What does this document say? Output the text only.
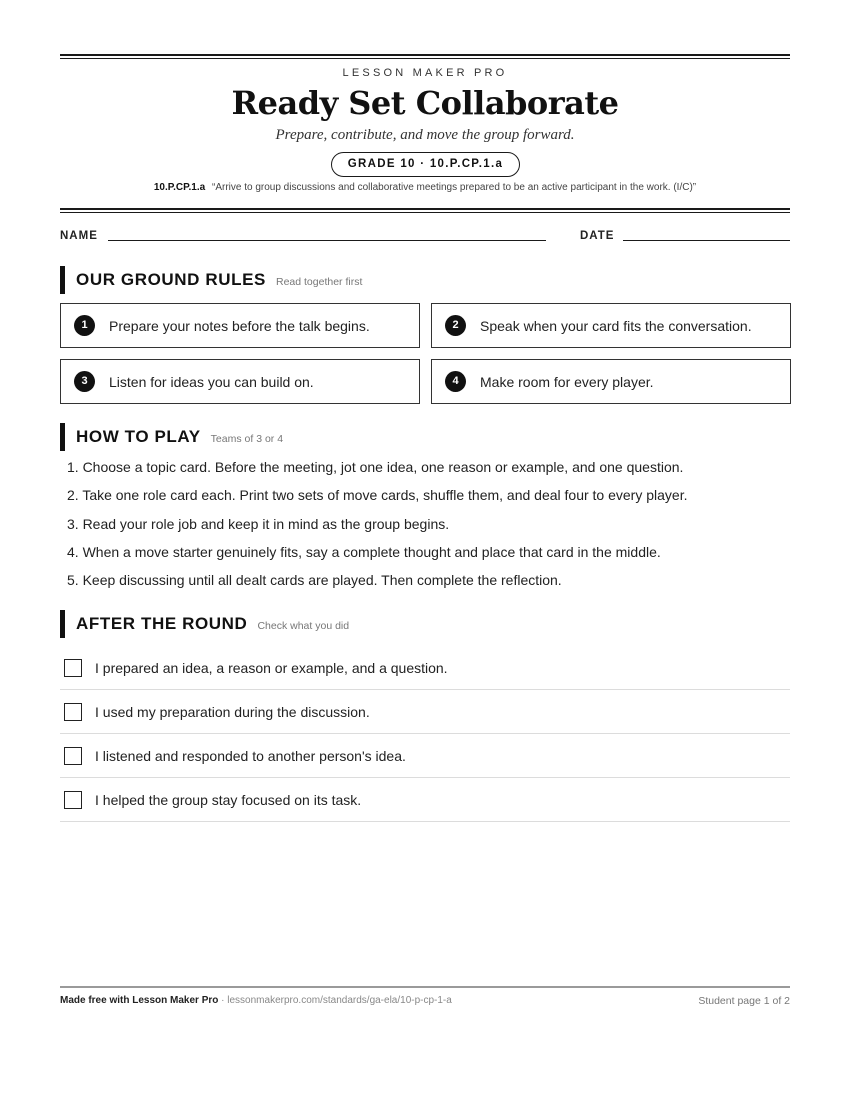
LESSON MAKER PRO
Ready Set Collaborate
Prepare, contribute, and move the group forward.
GRADE 10 · 10.P.CP.1.a
10.P.CP.1.a “Arrive to group discussions and collaborative meetings prepared to be an active participant in the work. (I/C)”
NAME	DATE
OUR GROUND RULES Read together first
1	Prepare your notes before the talk begins.	2	Speak when your card fits the conversation.
3	Listen for ideas you can build on.	4	Make room for every player.
HOW TO PLAY Teams of 3 or 4
1. Choose a topic card. Before the meeting, jot one idea, one reason or example, and one question.
2. Take one role card each. Print two sets of move cards, shuffle them, and deal four to every player.
3. Read your role job and keep it in mind as the group begins.
4. When a move starter genuinely fits, say a complete thought and place that card in the middle.
5. Keep discussing until all dealt cards are played. Then complete the reflection.
AFTER THE ROUND Check what you did
I prepared an idea, a reason or example, and a question.
I used my preparation during the discussion.
I listened and responded to another person's idea.
I helped the group stay focused on its task.
Made free with Lesson Maker Pro · lessonmakerpro.com/standards/ga-ela/10-p-cp-1-a	Student page 1 of 2
